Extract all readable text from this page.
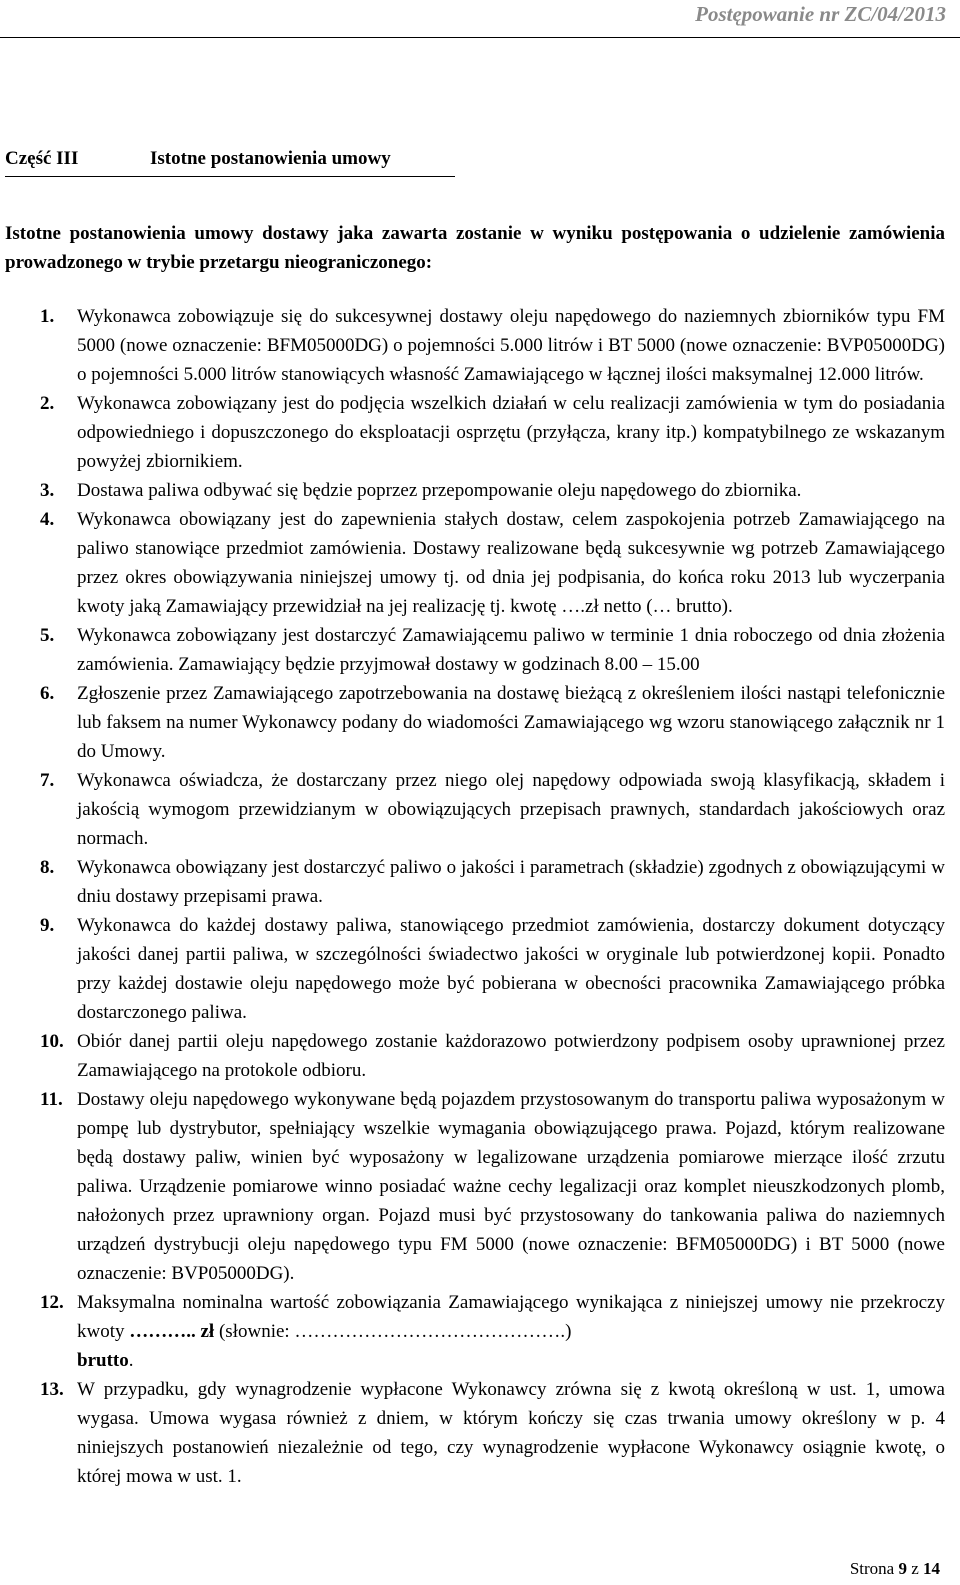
Postępowanie nr ZC/04/2013
Część III	Istotne postanowienia umowy
Istotne postanowienia umowy dostawy jaka zawarta zostanie w wyniku postępowania o udzielenie zamówienia prowadzonego w trybie przetargu nieograniczonego:
1. Wykonawca zobowiązuje się do sukcesywnej dostawy oleju napędowego do naziemnych zbiorników typu FM 5000 (nowe oznaczenie: BFM05000DG) o pojemności 5.000 litrów i BT 5000 (nowe oznaczenie: BVP05000DG) o pojemności 5.000 litrów stanowiących własność Zamawiającego w łącznej ilości maksymalnej 12.000 litrów.
2. Wykonawca zobowiązany jest do podjęcia wszelkich działań w celu realizacji zamówienia w tym do posiadania odpowiedniego i dopuszczonego do eksploatacji osprzętu (przyłącza, krany itp.) kompatybilnego ze wskazanym powyżej zbiornikiem.
3. Dostawa paliwa odbywać się będzie poprzez przepompowanie oleju napędowego do zbiornika.
4. Wykonawca obowiązany jest do zapewnienia stałych dostaw, celem zaspokojenia potrzeb Zamawiającego na paliwo stanowiące przedmiot zamówienia. Dostawy realizowane będą sukcesywnie wg potrzeb Zamawiającego przez okres obowiązywania niniejszej umowy tj. od dnia jej podpisania, do końca roku 2013 lub wyczerpania kwoty jaką Zamawiający przewidział na jej realizację tj. kwotę ….zł netto (… brutto).
5. Wykonawca zobowiązany jest dostarczyć Zamawiającemu paliwo w terminie 1 dnia roboczego od dnia złożenia zamówienia. Zamawiający będzie przyjmował dostawy w godzinach 8.00 – 15.00
6. Zgłoszenie przez Zamawiającego zapotrzebowania na dostawę bieżącą z określeniem ilości nastąpi telefonicznie lub faksem na numer Wykonawcy podany do wiadomości Zamawiającego wg wzoru stanowiącego załącznik nr 1 do Umowy.
7. Wykonawca oświadcza, że dostarczany przez niego olej napędowy odpowiada swoją klasyfikacją, składem i jakością wymogom przewidzianym w obowiązujących przepisach prawnych, standardach jakościowych oraz normach.
8. Wykonawca obowiązany jest dostarczyć paliwo o jakości i parametrach (składzie) zgodnych z obowiązującymi w dniu dostawy przepisami prawa.
9. Wykonawca do każdej dostawy paliwa, stanowiącego przedmiot zamówienia, dostarczy dokument dotyczący jakości danej partii paliwa, w szczególności świadectwo jakości w oryginale lub potwierdzonej kopii. Ponadto przy każdej dostawie oleju napędowego może być pobierana w obecności pracownika Zamawiającego próbka dostarczonego paliwa.
10. Obiór danej partii oleju napędowego zostanie każdorazowo potwierdzony podpisem osoby uprawnionej przez Zamawiającego na protokole odbioru.
11. Dostawy oleju napędowego wykonywane będą pojazdem przystosowanym do transportu paliwa wyposażonym w pompę lub dystrybutor, spełniający wszelkie wymagania obowiązującego prawa. Pojazd, którym realizowane będą dostawy paliw, winien być wyposażony w legalizowane urządzenia pomiarowe mierzące ilość zrzutu paliwa. Urządzenie pomiarowe winno posiadać ważne cechy legalizacji oraz komplet nieuszkodzonych plomb, nałożonych przez uprawniony organ. Pojazd musi być przystosowany do tankowania paliwa do naziemnych urządzeń dystrybucji oleju napędowego typu FM 5000 (nowe oznaczenie: BFM05000DG) i BT 5000 (nowe oznaczenie: BVP05000DG).
12. Maksymalna nominalna wartość zobowiązania Zamawiającego wynikająca z niniejszej umowy nie przekroczy kwoty ……….. zł (słownie: …………………………………….)
brutto.
13. W przypadku, gdy wynagrodzenie wypłacone Wykonawcy zrówna się z kwotą określoną w ust. 1, umowa wygasa. Umowa wygasa również z dniem, w którym kończy się czas trwania umowy określony w p. 4 niniejszych postanowień niezależnie od tego, czy wynagrodzenie wypłacone Wykonawcy osiągnie kwotę, o której mowa w ust. 1.
Strona 9 z 14
